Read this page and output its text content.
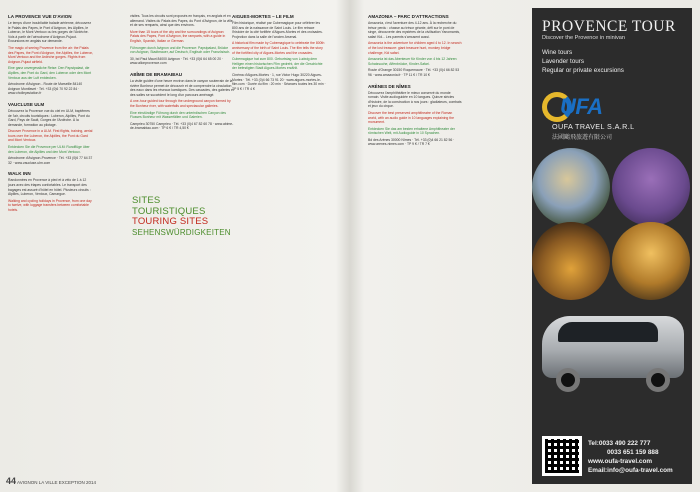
LA PROVENCE VUE D'AVION
Le temps d'une inoubliable balade aérienne, découvrez le Palais des Papes, le Pont d'Avignon, les Alpilles, le Luberon, le Mont Ventoux ou les gorges de l'Ardèche. Vols à partir de l'aérodrome d'Avignon-Pujaut. Excursions en anglais sur demande.
The magic of seeing Provence from the air: the Palais des Papes, the Pont d'Avignon, the Alpilles, the Luberon, Mont Ventoux and the Ardèche gorges. Flights from Avignon-Pujaut airfield.
Eine ganz unvergessliche Reise: Den Papstpalast, die Alpilles, den Pont du Gard, den Luberon oder den Mont Ventoux aus der Luft entdecken.
Aérodrome d'Avignon - Route de Marseille 84140 Avignon Montfavet · Tél. +33 (0)6 70 92 22 84 · www.cholleyaviation.fr
VAUCLUSE ULM
Découvrez la Provence vue du ciel en ULM, baptêmes de l'air, circuits touristiques : Luberon, Alpilles, Pont du Gard, Pays de Sault, Gorges de l'Ardèche. À la demande, formation au pilotage.
Discover Provence in a ULM. First flights, training, aerial tours over the Luberon, the Alpilles, the Pont du Gard and Mont Ventoux.
Entdecken Sie die Provence per ULM: Rundflüge über den Luberon, die Alpilles und den Mont Ventoux.
Aérodrome d'Avignon-Provence · Tél. +33 (0)6 77 64 37 32 · www.vaucluse-ulm.com
WALK INN
Randonnées en Provence à pied et à vélo de 1 à 12 jours avec des étapes confortables. Le transport des bagages est assuré d'hôtel en hôtel. Plusieurs circuits : Alpilles, Luberon, Ventoux, Camargue.
Walking and cycling holidays in Provence, from one day to twelve, with luggage transfers between comfortable hotels.
visites. Tous les circuits sont proposés en français, en anglais et en allemand. Visites du Palais des Papes, du Pont d'Avignon, de la ville et de ses remparts, ainsi que des environs.
More than 15 tours of the city and the surroundings of Avignon: Palais des Papes, Pont d'Avignon, the ramparts, with a guide in English, Spanish, Italian or German.
Führungen durch Avignon und die Provence: Papstpalast, Brücke von Avignon, Stadtmauer, auf Deutsch, Englisch oder Französisch.
30, bd Paul Mauri 84000 Avignon · Tél. +33 (0)6 64 65 00 20 · www.allonprovence.com
ABÎME DE BRAMABIAU
La visite guidée d'une heure environ dans le canyon souterrain de la rivière Bonheur permet de découvrir et de comprendre la circulation des eaux dans les réseaux karstiques. Des cascades, des galeries et des salles se succèdent le long d'un parcours aménagé.
A one-hour guided tour through the underground canyon formed by the Bonheur river, with waterfalls and spectacular galleries.
Eine einstündige Führung durch den unterirdischen Canyon des Flusses Bonheur mit Wasserfällen und Galerien.
Camprieu 30750 Camprieu · Tél. +33 (0)4 67 82 60 78 · www.abime-de-bramabiau.com · TP 6 € / TR 4,50 €
SITES TOURISTIQUES
TOURING SITES
SEHENSWÜRDIGKEITEN
AIGUES-MORTES – LE FILM
Film historique, réalisé par Cubemagique pour célébrer les 800 ans de la naissance de Saint Louis. Le film retrace l'histoire de la cité fortifiée d'Aigues-Mortes et des croisades. Projection dans la salle de l'ancien Arsenal.
A historical film made by Cubemagique to celebrate the 800th anniversary of the birth of Saint Louis. The film tells the story of the fortified city of Aigues-Mortes and the crusades.
Cubemagique hat zum 800. Geburtstag von Ludwig dem Heiligen einen historischen Film gedreht, der die Geschichte der befestigten Stadt Aigues-Mortes erzählt.
Cinéma d'Aigues-Mortes · 1, rue Victor Hugo 30220 Aigues-Mortes · Tél. +33 (0)4 66 73 91 20 · www.aigues-mortes-le-film.com · Durée du film : 20 min · Séances toutes les 30 min · TP 5 € / TR 4 €
AMAZONIA – PARC D'ATTRACTIONS
Amazonia, c'est l'aventure des 4-12 ans. À la recherche du trésor perdu : chasse au trésor géante, défi sur le pont de singe, découverte des mystères de la civilisation Yanomamis, safari Kid... Les parents s'amusent aussi.
Amazonia is the adventure for children aged 4 to 12. In search of the lost treasure: giant treasure hunt, monkey bridge challenge, Kid safari.
Amazonia ist das Abenteuer für Kinder von 4 bis 12 Jahren: Schatzsuche, Affenbrücke, Kinder-Safari.
Route d'Orange 30150 Roquemaure · Tél. +33 (0)4 66 82 53 96 · www.amazonia.fr · TP 11 € / TR 10 €
ARÈNES DE NÎMES
Découvrez l'amphithéâtre le mieux conservé du monde romain. Visite audioguidée en 10 langues. Quinze siècles d'histoire, de la construction à nos jours : gladiateurs, combats et jeux du cirque.
Discover the best preserved amphitheatre of the Roman world, with an audio guide in 10 languages explaining the monument.
Entdecken Sie das am besten erhaltene Amphitheater der römischen Welt, mit Audioguide in 10 Sprachen.
Bd des Arènes 30000 Nîmes · Tél. +33 (0)4 66 21 82 56 · www.arenes-nimes.com · TP 9 € / TR 7 €
44 AVIGNON LA VILLE EXCEPTION 2014
PROVENCE TOUR
Discover the Provence in minivan
Wine tours
Lavender tours
Regular or private excursions
UFA
OUFA TRAVEL S.A.R.L
法國鷗飛旅遊有限公司
Tel:0033 490 222 777
0033 651 159 888
www.oufa-travel.com
Email:info@oufa-travel.com
